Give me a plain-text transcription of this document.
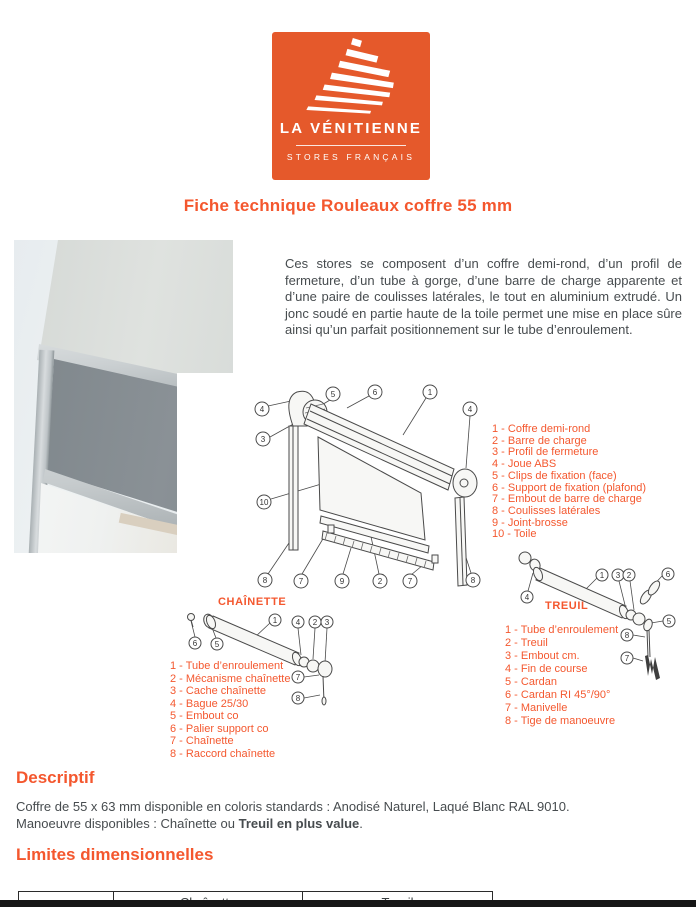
LA VÉNITIENNE
STORES FRANÇAIS
Fiche technique Rouleaux coffre 55 mm
Ces stores se composent d’un coffre demi-rond, d’un profil de fermeture, d’un tube à gorge, d’une barre de charge apparente et d’une paire de coulisses latérales, le tout en aluminium extrudé. Un jonc soudé en partie haute de la toile permet une mise en place sûre ainsi qu’un parfait positionnement sur le tube d’enroulement.
4
5	6	1
4
3
10
8	7	9	2	7	8
1 - Coffre demi-rond
2 - Barre de charge
3 - Profil de fermeture
4 - Joue ABS
5 - Clips de fixation (face)
6 - Support de fixation (plafond)
7 - Embout de barre de charge
8 - Coulisses latérales
9 - Joint-brosse
10 - Toile
CHAÎNETTE
6 5
1 4 2 3
7
8
1 - Tube d’enroulement
2 - Mécanisme chaînette
3 - Cache chaînette
4 - Bague 25/30
5 - Embout co
6 - Palier support co
7 - Chaînette
8 - Raccord chaînette
TREUIL
4
1 3 2	6
5
8
7
1 - Tube d’enroulement
2 - Treuil
3 - Embout cm.
4 - Fin de course
5 - Cardan
6 - Cardan RI 45°/90°
7 - Manivelle
8 - Tige de manoeuvre
Descriptif
Coffre de 55 x 63 mm disponible en coloris standards : Anodisé Naturel, Laqué Blanc RAL 9010.
Manoeuvre disponibles : Chaînette ou Treuil en plus value.
Limites dimensionnelles
